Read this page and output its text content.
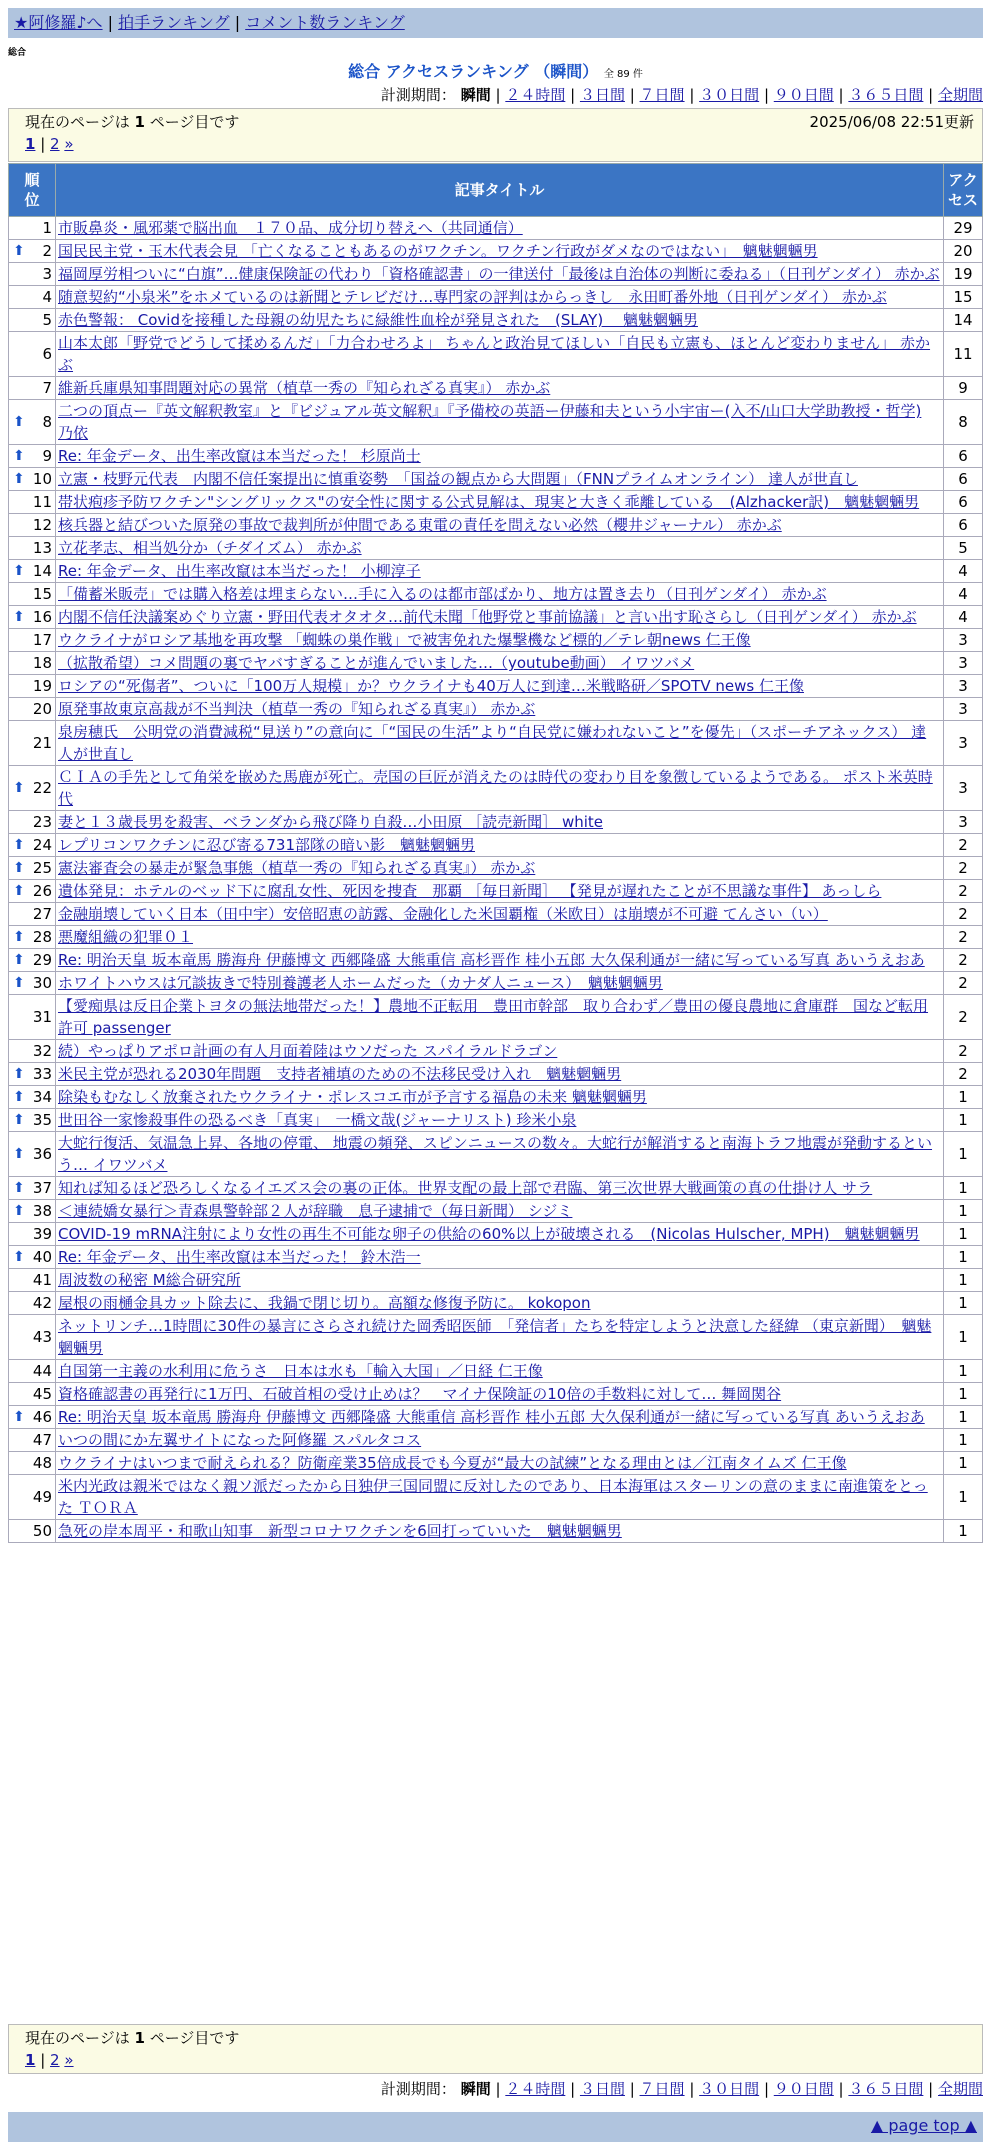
★阿修羅♪へ | 拍手ランキング | コメント数ランキング
総合
総合 アクセスランキング （瞬間） 全 89 件
計測期間： 瞬間 | ２４時間 | ３日間 | ７日間 | ３０日間 | ９０日間 | ３６５日間 | 全期間
現在のページは 1 ページ目です	2025/06/08 22:51更新
1 | 2 »
順位	記事タイトル	アクセス
1	市販鼻炎・風邪薬で脳出血　１７０品、成分切り替えへ（共同通信）	29

⬆ 2	国民民主党・玉木代表会見 「亡くなることもあるのがワクチン。ワクチン行政がダメなのではない」　魑魅魍魎男	20
3	福岡厚労相ついに“白旗”…健康保険証の代わり「資格確認書」の一律送付「最後は自治体の判断に委ねる」（日刊ゲンダイ） 赤かぶ	19
4	随意契約“小泉米”をホメているのは新聞とテレビだけ…専門家の評判はからっきし　永田町番外地（日刊ゲンダイ） 赤かぶ	15
5	赤色警報： Covidを接種した母親の幼児たちに緑維性血栓が発見された　(SLAY)　 魑魅魍魎男	14
6	山本太郎「野党でどうして揉めるんだ」「力合わせろよ」 ちゃんと政治見てほしい「自民も立憲も、ほとんど変わりません」 赤かぶ	11
7	維新兵庫県知事問題対応の異常（植草一秀の『知られざる真実』） 赤かぶ	9

⬆ 8	二つの頂点ー『英文解釈教室』と『ビジュアル英文解釈』『予備校の英語ー伊藤和夫という小宇宙ー(入不/山口大学助教授・哲学) 乃依	8

⬆ 9	Re: 年金データ、出生率改竄は本当だった！ 杉原尚士	6

⬆ 10	立憲・枝野元代表　内閣不信任案提出に慎重姿勢　「国益の観点から大問題」（FNNプライムオンライン） 達人が世直し	6
11	帯状疱疹予防ワクチン"シングリックス"の安全性に関する公式見解は、現実と大きく乖離している　(Alzhacker訳)　魑魅魍魎男	6
12	核兵器と結びついた原発の事故で裁判所が仲間である東電の責任を問えない必然（櫻井ジャーナル） 赤かぶ	6
13	立花孝志、相当処分か（チダイズム） 赤かぶ	5

⬆ 14	Re: 年金データ、出生率改竄は本当だった！ 小柳淳子	4
15	「備蓄米販売」では購入格差は埋まらない…手に入るのは都市部ばかり、地方は置き去り（日刊ゲンダイ） 赤かぶ	4

⬆ 16	内閣不信任決議案めぐり立憲・野田代表オタオタ…前代未聞「他野党と事前協議」と言い出す恥さらし（日刊ゲンダイ） 赤かぶ	4
17	ウクライナがロシア基地を再攻撃 「蜘蛛の巣作戦」で被害免れた爆撃機など標的／テレ朝news 仁王像	3
18	（拡散希望）コメ問題の裏でヤバすぎることが進んでいました…（youtube動画） イワツバメ	3
19	ロシアの“死傷者”、ついに「100万人規模」か？ウクライナも40万人に到達…米戦略研／SPOTV news 仁王像	3
20	原発事故東京高裁が不当判決（植草一秀の『知られざる真実』） 赤かぶ	3
21	泉房穂氏　公明党の消費減税“見送り”の意向に「“国民の生活”より“自民党に嫌われないこと”を優先」（スポーチアネックス） 達人が世直し	3

⬆ 22	ＣＩＡの手先として角栄を嵌めた馬鹿が死亡。売国の巨匠が消えたのは時代の変わり目を象徴しているようである。 ポスト米英時代	3
23	妻と１３歳長男を殺害、ベランダから飛び降り自殺…小田原 ［読売新聞］ white	3

⬆ 24	レプリコンワクチンに忍び寄る731部隊の暗い影　魑魅魍魎男	2

⬆ 25	憲法審査会の暴走が緊急事態（植草一秀の『知られざる真実』） 赤かぶ	2

⬆ 26	遺体発見：ホテルのベッド下に腐乱女性、死因を捜査　那覇 ［毎日新聞］ 【発見が遅れたことが不思議な事件】 あっしら	2
27	金融崩壊していく日本（田中宇）安倍昭恵の訪露、金融化した米国覇権（米欧日）は崩壊が不可避 てんさい（い）	2

⬆ 28	悪魔組織の犯罪０１	2

⬆ 29	Re: 明治天皇 坂本竜馬 勝海舟 伊藤博文 西郷隆盛 大熊重信 高杉晋作 桂小五郎 大久保利通が一緒に写っている写真 あいうえおあ	2

⬆ 30	ホワイトハウスは冗談抜きで特別養護老人ホームだった（カナダ人ニュース）　魑魅魍魎男	2
31	【愛痴県は反日企業トヨタの無法地帯だった！】農地不正転用　豊田市幹部　取り合わず／豊田の優良農地に倉庫群　国など転用許可 passenger	2
32	続）やっぱりアポロ計画の有人月面着陸はウソだった スパイラルドラゴン	2

⬆ 33	米民主党が恐れる2030年問題　支持者補填のための不法移民受け入れ　魑魅魍魎男	2

⬆ 34	除染もむなしく放棄されたウクライナ・ポレスコエ市が予言する福島の未来 魑魅魍魎男	1

⬆ 35	世田谷一家惨殺事件の恐るべき「真実」　一橋文哉(ジャーナリスト) 珍米小泉	1

⬆ 36	大蛇行復活、気温急上昇、各地の停電、 地震の頻発、スピンニュースの数々。大蛇行が解消すると南海トラフ地震が発動するという… イワツバメ	1

⬆ 37	知れば知るほど恐ろしくなるイエズス会の裏の正体。世界支配の最上部で君臨、第三次世界大戦画策の真の仕掛け人 サラ	1

⬆ 38	＜連続嬌女暴行＞青森県警幹部２人が辞職　息子逮捕で（毎日新聞） シジミ	1
39	COVID-19 mRNA注射により女性の再生不可能な卵子の供給の60%以上が破壊される　(Nicolas Hulscher, MPH)　魑魅魍魎男	1

⬆ 40	Re: 年金データ、出生率改竄は本当だった！ 鈴木浩一	1
41	周波数の秘密 M総合研究所	1
42	屋根の雨樋金具カット除去に、我鍋で閉じ切り。高額な修復予防に。 kokopon	1
43	ネットリンチ…1時間に30件の暴言にさらされ続けた岡秀昭医師　「発信者」たちを特定しようと決意した経緯 （東京新聞）　魑魅魍魎男	1
44	自国第一主義の水利用に危うさ　日本は水も「輸入大国」／日経 仁王像	1
45	資格確認書の再発行に1万円、石破首相の受け止めは？　マイナ保険証の10倍の手数料に対して… 舞岡関谷	1

⬆ 46	Re: 明治天皇 坂本竜馬 勝海舟 伊藤博文 西郷隆盛 大熊重信 高杉晋作 桂小五郎 大久保利通が一緒に写っている写真 あいうえおあ	1
47	いつの間にか左翼サイトになった阿修羅 スパルタコス	1
48	ウクライナはいつまで耐えられる？防衛産業35倍成長でも今夏が“最大の試練”となる理由とは／江南タイムズ 仁王像	1
49	米内光政は親米ではなく親ソ派だったから日独伊三国同盟に反対したのであり、日本海軍はスターリンの意のままに南進策をとった ＴＯＲＡ	1
50	急死の岸本周平・和歌山知事　新型コロナワクチンを6回打っていいた　魑魅魍魎男	1
現在のページは 1 ページ目です
1 | 2 »
計測期間： 瞬間 | ２４時間 | ３日間 | ７日間 | ３０日間 | ９０日間 | ３６５日間 | 全期間
▲ page top ▲
